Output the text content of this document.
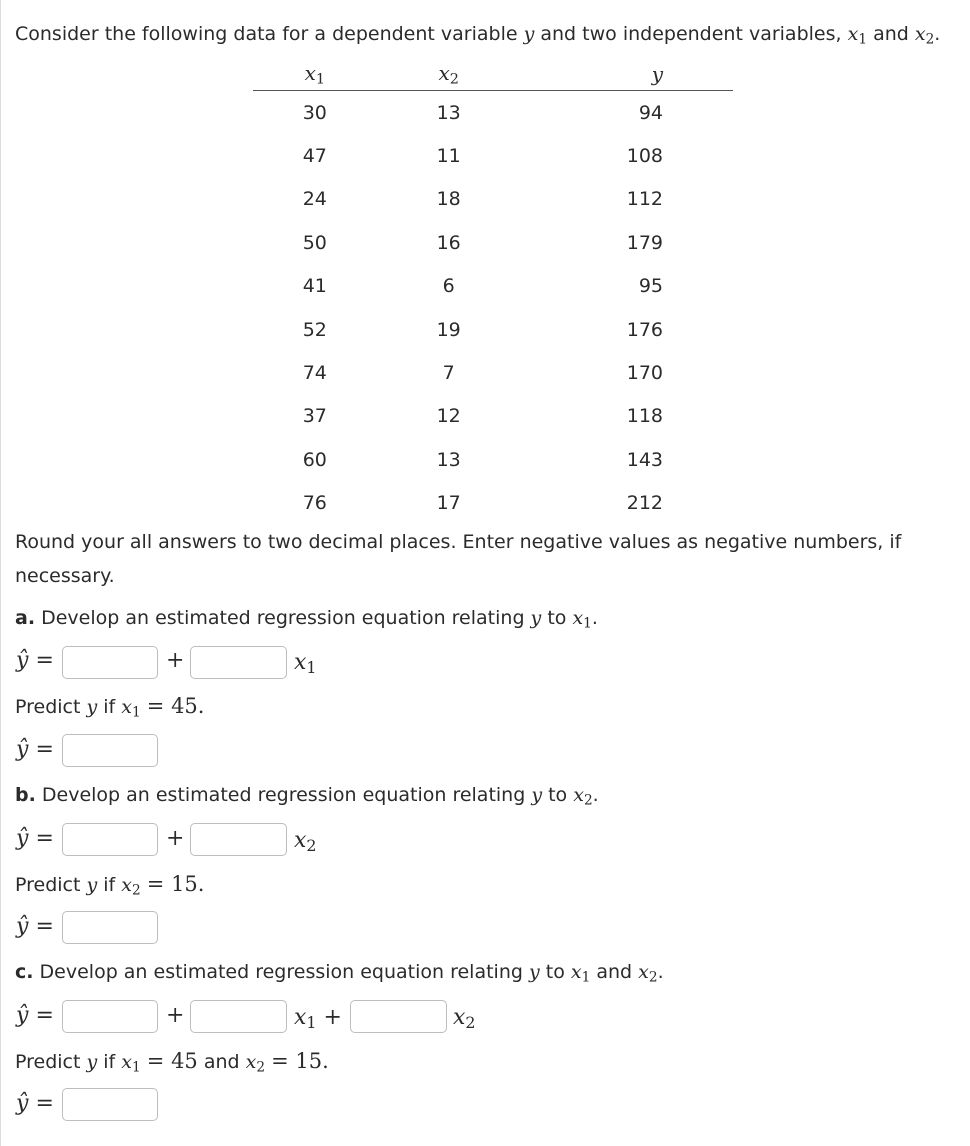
Consider the following data for a dependent variable y and two independent variables, $x_1$ and $x_2$.
$x_1$	$x_2$	y
30	13	94
47	11	108
24	18	112
50	16	179
41	6	95
52	19	176
74	7	170
37	12	118
60	13	143
76	17	212
Round your all answers to two decimal places. Enter negative values as negative numbers, if
necessary.
a. Develop an estimated regression equation relating y to $x_1$.
ŷ =	+	$x_1$
Predict y if $x_1 = 45$.
ŷ =
b. Develop an estimated regression equation relating y to $x_2$.
ŷ =	+	$x_2$
Predict y if $x_2 = 15$.
ŷ =
c. Develop an estimated regression equation relating y to $x_1$ and $x_2$.
ŷ =	+	$x_1$ +	$x_2$
Predict y if $x_1 = 45$ and $x_2 = 15$.
ŷ =
